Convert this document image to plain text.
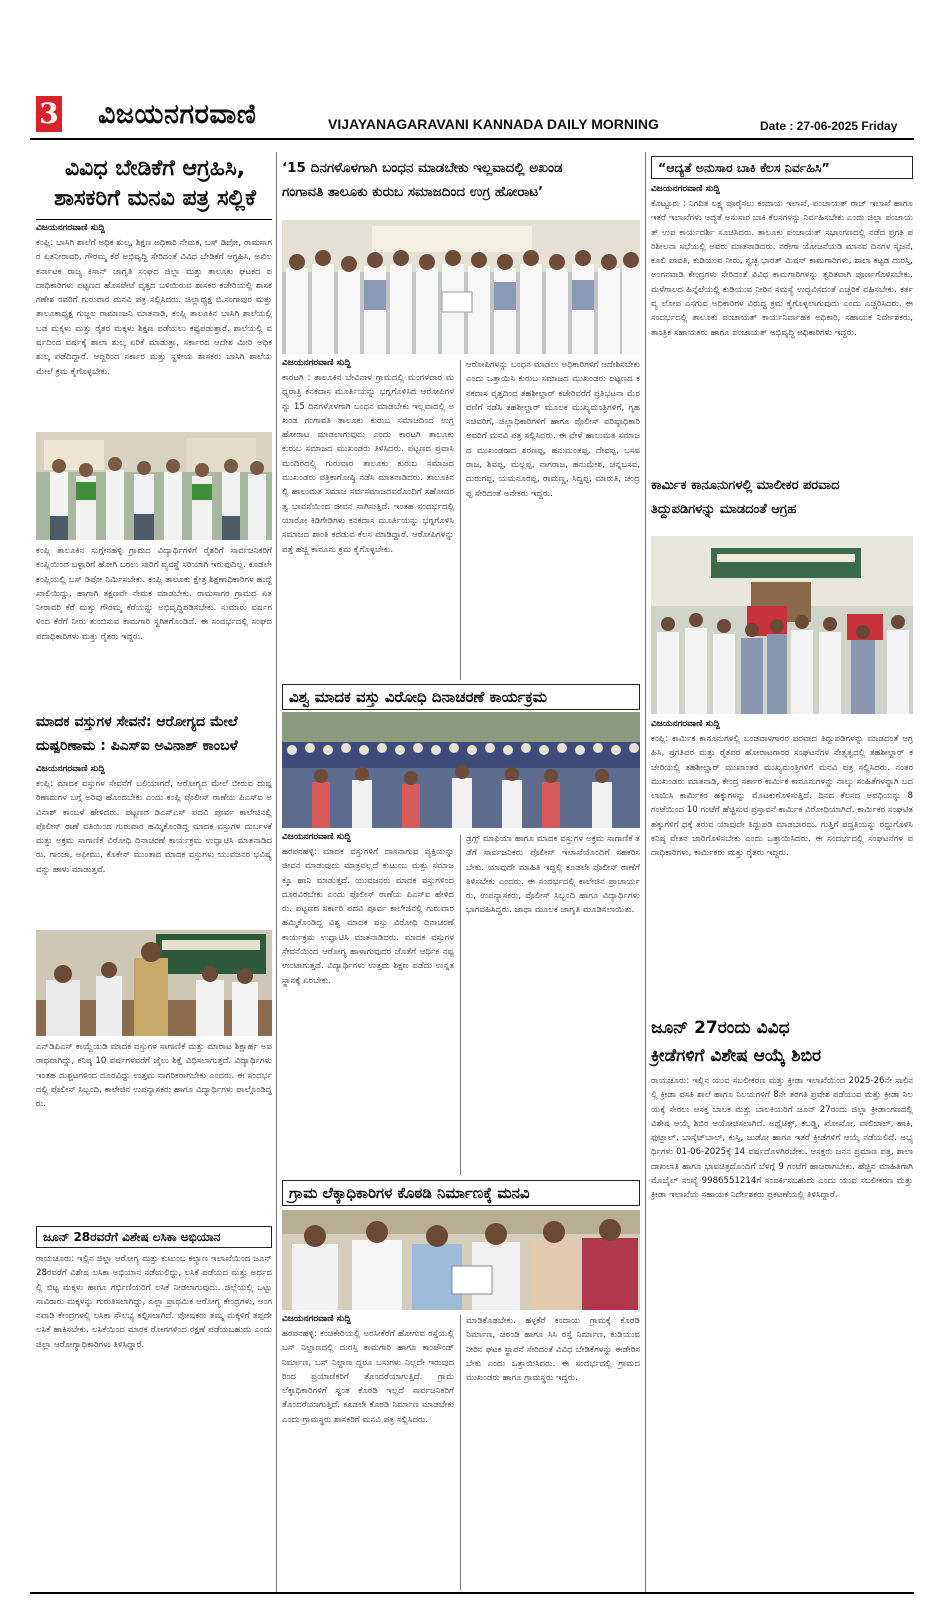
3 ವಿಜಯನಗರವಾಣಿ	VIJAYANAGARAVANI KANNADA DAILY MORNING	Date : 27-06-2025 Friday
ವಿವಿಧ ಬೇಡಿಕೆಗೆ ಆಗ್ರಹಿಸಿ,
ಶಾಸಕರಿಗೆ ಮನವಿ ಪತ್ರ ಸಲ್ಲಿಕೆ
ವಿಜಯನಗರವಾಣಿ ಸುದ್ದಿ
ಕಂಪ್ಲಿ: ಬಾಸಿಗಿ ಶಾಲೆಗೆ ಅಧಿಕ ಶುಲ್ಕ, ಶಿಕ್ಷಣ ಅಧಿಕಾರಿ ನೇಮಕ, ಬಸ್ ಡಿಪೋ, ರಾಮಸಾಗರ ಏತನೀರಾವರಿ, ಗೌರಮ್ಮ ಕೆರೆ ಅಭಿವೃದ್ಧಿ ಸೇರಿದಂತೆ ವಿವಿಧ ಬೇಡಿಕೆಗೆ ಆಗ್ರಹಿಸಿ, ಅಖಿಲ ಕರ್ನಾಟಕ ರಾಜ್ಯ ಕಿಸಾನ್ ಜಾಗೃತಿ ಸಂಘದ ಜಿಲ್ಲಾ ಮತ್ತು ತಾಲೂಕು ಘಟಕದ ಪದಾಧಿಕಾರಿಗಳು ಪಟ್ಟಣದ ಹೊಸಪೇಟೆ ವೃತ್ತದ ಬಳಿಯಿರುವ ಶಾಸಕರ ಕಚೇರಿಯಲ್ಲಿ ಶಾಸಕ ಗಣೇಶ ರವರಿಗೆ ಗುರುವಾರ ಮನವಿ ಪತ್ರ ಸಲ್ಲಿಸಿದರು. ಜಿಲ್ಲಾಧ್ಯಕ್ಷ ಬಿ.ಸಂಗಾಪುರ ಮತ್ತು ತಾಲೂಕಾಧ್ಯಕ್ಷ ಗುಜ್ಜಲ ರಾಮಾಂಜನಿ ಮಾತನಾಡಿ, ಕಂಪ್ಲಿ ತಾಲೂಕಿನ ಬಾಸಿಗಿ ಶಾಲೆಯಲ್ಲಿ ಬಡ ಮಕ್ಕಳು ಮತ್ತು ರೈತರ ಮಕ್ಕಳು ಶಿಕ್ಷಣ ಪಡೆಯಲು ಕಷ್ಟಪಡುತ್ತಾರೆ. ಶಾಲೆಯಲ್ಲಿ ವರ್ಷದಿಂದ ವರ್ಷಕ್ಕೆ ಶಾಲಾ ಶುಲ್ಕ ಏರಿಕೆ ಮಾಡುತ್ತಾ, ಸರ್ಕಾರದ ಆದೇಶ ಮೀರಿ ಅಧಿಕ ಶುಲ್ಕ ಪಡೆದಿದ್ದಾರೆ. ಆದ್ದರಿಂದ ಸರ್ಕಾರ ಮತ್ತು ಸ್ಥಳೀಯ ಶಾಸಕರು ಬಾಸಿಗಿ ಶಾಲೆಯ ಮೇಲೆ ಕ್ರಮ ಕೈಗೊಳ್ಳಬೇಕು.
ಕಂಪ್ಲಿ ತಾಲೂಕಿನ ಸುಗ್ಗೇನಹಳ್ಳಿ ಗ್ರಾಮದ ವಿದ್ಯಾರ್ಥಿಗಳಿಗೆ ರೈತರಿಗೆ ಸಾರ್ವಜನಿಕರಿಗೆ ಕಂಪ್ಲಿಯಿಂದ ಬಳ್ಳಾರಿಗೆ ಹೋಗಿ ಬರಲು ಸಾರಿಗೆ ವ್ಯವಸ್ಥೆ ಸರಿಯಾಗಿ ಇರುವುದಿಲ್ಲ. ಕೂಡಲೇ ಕಂಪ್ಲಿಯಲ್ಲಿ ಬಸ್ ಡಿಪೋ ನಿರ್ಮಿಸಬೇಕು. ಕಂಪ್ಲಿ ತಾಲೂಕು ಕ್ಷೇತ್ರ ಶಿಕ್ಷಣಾಧಿಕಾರಿಗಳ ಹುದ್ದೆ ಖಾಲಿಯಿದ್ದು, ಹಾಗಾಗಿ ತಕ್ಷಣವೇ ನೇಮಕ ಮಾಡಬೇಕು. ರಾಮಸಾಗರ ಗ್ರಾಮದ ಏತನೀರಾವರಿ ಕೆರೆ ಮತ್ತು ಗೌರಮ್ಮ ಕೆರೆಯನ್ನು ಅಭಿವೃದ್ಧಿಪಡಿಸಬೇಕು. ಸುಮಾರು ವರ್ಷಗಳಿಂದ ಕೆರೆಗೆ ನೀರು ತುಂಬಿಸುವ ಕಾಮಗಾರಿ ಸ್ಥಗಿತಗೊಂಡಿದೆ. ಈ ಸಂದರ್ಭದಲ್ಲಿ ಸಂಘದ ಪದಾಧಿಕಾರಿಗಳು ಮತ್ತು ರೈತರು ಇದ್ದರು.
ಮಾದಕ ವಸ್ತುಗಳ ಸೇವನೆ: ಆರೋಗ್ಯದ ಮೇಲೆ
ದುಷ್ಪರಿಣಾಮ : ಪಿಎಸ್‌ಐ ಅವಿನಾಶ್ ಕಾಂಬಳೆ
ವಿಜಯನಗರವಾಣಿ ಸುದ್ದಿ
ಕಂಪ್ಲಿ: ಮಾದಕ ವಸ್ತುಗಳ ಸೇವನೆಗೆ ಬಲಿಯಾಗದೆ, ಆರೋಗ್ಯದ ಮೇಲೆ ಬೀರುವ ದುಷ್ಪರಿಣಾಮಗಳ ಬಗ್ಗೆ ಅರಿವು ಹೊಂದಬೇಕು ಎಂದು ಕಂಪ್ಲಿ ಪೊಲೀಸ್ ಠಾಣೆಯ ಪಿಎಸ್‌ಐ ಅವಿನಾಶ್ ಕಾಂಬಳೆ ಹೇಳಿದರು. ಪಟ್ಟಣದ ಡಿಎಸ್‌ಎಸ್ ಪದವಿ ಪೂರ್ವ ಕಾಲೇಜಿನಲ್ಲಿ ಪೊಲೀಸ್ ಠಾಣೆ ವತಿಯಿಂದ ಗುರುವಾರ ಹಮ್ಮಿಕೊಂಡಿದ್ದ ಮಾದಕ ವಸ್ತುಗಳ ದುರ್ಬಳಕೆ ಮತ್ತು ಅಕ್ರಮ ಸಾಗಾಣಿಕೆ ವಿರೋಧಿ ದಿನಾಚರಣೆ ಕಾರ್ಯಕ್ರಮ ಉದ್ಘಾಟಿಸಿ ಮಾತನಾಡಿದರು. ಗಾಂಜಾ, ಅಫೀಮು, ಕೊಕೇನ್ ಮುಂತಾದ ಮಾದಕ ವಸ್ತುಗಳು ಯುವಜನರ ಭವಿಷ್ಯವನ್ನು ಹಾಳು ಮಾಡುತ್ತವೆ.
ಎನ್‌ಡಿಪಿಎಸ್ ಕಾಯ್ದೆಯಡಿ ಮಾದಕ ವಸ್ತುಗಳ ಸಾಗಾಣಿಕೆ ಮತ್ತು ಮಾರಾಟ ಶಿಕ್ಷಾರ್ಹ ಅಪರಾಧವಾಗಿದ್ದು, ಕನಿಷ್ಠ 10 ವರ್ಷಗಳವರೆಗೆ ಜೈಲು ಶಿಕ್ಷೆ ವಿಧಿಸಲಾಗುತ್ತದೆ. ವಿದ್ಯಾರ್ಥಿಗಳು ಇಂತಹ ದುಶ್ಚಟಗಳಿಂದ ದೂರವಿದ್ದು ಉತ್ತಮ ನಾಗರಿಕರಾಗಬೇಕು ಎಂದರು. ಈ ಸಂದರ್ಭದಲ್ಲಿ ಪೊಲೀಸ್ ಸಿಬ್ಬಂದಿ, ಕಾಲೇಜಿನ ಉಪನ್ಯಾಸಕರು ಹಾಗೂ ವಿದ್ಯಾರ್ಥಿಗಳು ಪಾಲ್ಗೊಂಡಿದ್ದರು.
ಜೂನ್ 28ರವರೆಗೆ ವಿಶೇಷ ಲಸಿಕಾ ಅಭಿಯಾನ
ರಾಯಚೂರು: ಇಲ್ಲಿನ ಜಿಲ್ಲಾ ಆರೋಗ್ಯ ಮತ್ತು ಕುಟುಂಬ ಕಲ್ಯಾಣ ಇಲಾಖೆಯಿಂದ ಜೂನ್ 28ರವರೆಗೆ ವಿಶೇಷ ಲಸಿಕಾ ಅಭಿಯಾನ ನಡೆಯಲಿದ್ದು, ಲಸಿಕೆ ಪಡೆಯದ ಮತ್ತು ಅರ್ಧದಲ್ಲಿ ಬಿಟ್ಟ ಮಕ್ಕಳು ಹಾಗೂ ಗರ್ಭಿಣಿಯರಿಗೆ ಲಸಿಕೆ ನೀಡಲಾಗುವುದು. ಜಿಲ್ಲೆಯಲ್ಲಿ ಒಟ್ಟು ಸಾವಿರಾರು ಮಕ್ಕಳನ್ನು ಗುರುತಿಸಲಾಗಿದ್ದು, ಎಲ್ಲಾ ಪ್ರಾಥಮಿಕ ಆರೋಗ್ಯ ಕೇಂದ್ರಗಳು, ಅಂಗನವಾಡಿ ಕೇಂದ್ರಗಳಲ್ಲಿ ಲಸಿಕಾ ಸೌಲಭ್ಯ ಕಲ್ಪಿಸಲಾಗಿದೆ. ಪೋಷಕರು ತಮ್ಮ ಮಕ್ಕಳಿಗೆ ತಪ್ಪದೇ ಲಸಿಕೆ ಹಾಕಿಸಬೇಕು. ಲಸಿಕೆಯಿಂದ ಮಾರಕ ರೋಗಗಳಿಂದ ರಕ್ಷಣೆ ಪಡೆಯಬಹುದು ಎಂದು ಜಿಲ್ಲಾ ಆರೋಗ್ಯಾಧಿಕಾರಿಗಳು ತಿಳಿಸಿದ್ದಾರೆ.
‘15 ದಿನಗಳೊಳಗಾಗಿ ಬಂಧನ ಮಾಡಬೇಕು ಇಲ್ಲವಾದಲ್ಲಿ ಅಖಂಡ
ಗಂಗಾವತಿ ತಾಲೂಕು ಕುರುಬ ಸಮಾಜದಿಂದ ಉಗ್ರ ಹೋರಾಟ’
ವಿಜಯನಗರವಾಣಿ ಸುದ್ದಿ
ಕಾರಟಗಿ : ತಾಲೂಕಿನ ಬೇವಿನಾಳ ಗ್ರಾಮದಲ್ಲಿ ಮಂಗಳವಾರ ಮಧ್ಯರಾತ್ರಿ ಕನಕದಾಸ ಮೂರ್ತಿಯನ್ನು ಭಗ್ನಗೊಳಿಸಿದ ಆರೋಪಿಗಳನ್ನು 15 ದಿನಗಳೊಳಗಾಗಿ ಬಂಧನ ಮಾಡಬೇಕು ಇಲ್ಲವಾದಲ್ಲಿ ಅಖಂಡ ಗಂಗಾವತಿ ತಾಲೂಕು ಕುರುಬ ಸಮಾಜದಿಂದ ಉಗ್ರ ಹೋರಾಟ ಮಾಡಲಾಗುವುದು ಎಂದು ಕಾರಟಗಿ ತಾಲೂಕು ಕುರುಬ ಸಮಾಜದ ಮುಖಂಡರು ತಿಳಿಸಿದರು. ಪಟ್ಟಣದ ಪ್ರವಾಸಿ ಮಂದಿರದಲ್ಲಿ ಗುರುವಾರ ತಾಲೂಕು ಕುರುಬ ಸಮಾಜದ ಮುಖಂಡರು ಪತ್ರಿಕಾಗೋಷ್ಠಿ ನಡೆಸಿ ಮಾತನಾಡಿದರು. ತಾಲೂಕಿನಲ್ಲಿ ಹಾಲುಮತ ಸಮಾಜ ಸರ್ವಸಮಾಜದವರೊಂದಿಗೆ ಸಹೋದರತ್ವ ಭಾವನೆಯಿಂದ ಜೀವನ ಸಾಗಿಸುತ್ತಿದೆ. ಇಂತಹ ಸಂದರ್ಭದಲ್ಲಿ ಯಾರೋ ಕಿಡಿಗೇಡಿಗಳು ಕನಕದಾಸ ಮೂರ್ತಿಯನ್ನು ಭಗ್ನಗೊಳಿಸಿ ಸಮಾಜದ ಶಾಂತಿ ಕದಡುವ ಕೆಲಸ ಮಾಡಿದ್ದಾರೆ. ಆರೋಪಿಗಳನ್ನು ಪತ್ತೆ ಹಚ್ಚಿ ಕಾನೂನು ಕ್ರಮ ಕೈಗೊಳ್ಳಬೇಕು.
ಆರೋಪಿಗಳನ್ನು ಬಂಧನ ಮಾಡಲು ಅಧಿಕಾರಿಗಳಿಗೆ ಆದೇಶಿಸಬೇಕು ಎಂದು ಒತ್ತಾಯಿಸಿ ಕುರುಬ ಸಮಾಜದ ಮುಖಂಡರು ಪಟ್ಟಣದ ಕನಕದಾಸ ವೃತ್ತದಿಂದ ತಹಶೀಲ್ದಾರ್ ಕಚೇರಿವರೆಗೆ ಪ್ರತಿಭಟನಾ ಮೆರವಣಿಗೆ ನಡೆಸಿ ತಹಶೀಲ್ದಾರ್ ಮೂಲಕ ಮುಖ್ಯಮಂತ್ರಿಗಳಿಗೆ, ಗೃಹ ಸಚಿವರಿಗೆ, ಜಿಲ್ಲಾಧಿಕಾರಿಗಳಿಗೆ ಹಾಗೂ ಪೊಲೀಸ್ ವರಿಷ್ಠಾಧಿಕಾರಿ ಅವರಿಗೆ ಮನವಿ ಪತ್ರ ಸಲ್ಲಿಸಿದರು. ಈ ವೇಳೆ ಹಾಲುಮತ ಸಮಾಜದ ಮುಖಂಡರಾದ ಶರಣಪ್ಪ, ಹನುಮಂತಪ್ಪ, ದೇವಪ್ಪ, ಬಸವರಾಜ, ಶಿವಪ್ಪ, ಮಲ್ಲಪ್ಪ, ನಾಗರಾಜ, ಹನುಮೇಶ, ಚನ್ನಬಸವ, ದುರುಗಪ್ಪ, ಯಮನೂರಪ್ಪ, ರಾಮಣ್ಣ, ಸಿದ್ದಪ್ಪ, ಮಾರುತಿ, ಚಂದ್ರಪ್ಪ ಸೇರಿದಂತೆ ಅನೇಕರು ಇದ್ದರು.
ವಿಶ್ವ ಮಾದಕ ವಸ್ತು ವಿರೋಧಿ ದಿನಾಚರಣೆ ಕಾರ್ಯಕ್ರಮ
ವಿಜಯನಗರವಾಣಿ ಸುದ್ದಿ
ಹರಪನಹಳ್ಳಿ: ಮಾದಕ ವಸ್ತುಗಳಿಗೆ ದಾಸನಾಗುವ ವ್ಯಕ್ತಿಯನ್ನು ಜೀವನ ಮಾಡುವುದು ಮಾತ್ರವಲ್ಲದೆ ಕುಟುಂಬ ಮತ್ತು ಸಮಾಜಕ್ಕೂ ಹಾನಿ ಮಾಡುತ್ತದೆ. ಯುವಜನರು ಮಾದಕ ವಸ್ತುಗಳಿಂದ ದೂರವಿರಬೇಕು ಎಂದು ಪೊಲೀಸ್ ಠಾಣೆಯ ಪಿಎಸ್‌ಐ ಹೇಳಿದರು. ಪಟ್ಟಣದ ಸರ್ಕಾರಿ ಪದವಿ ಪೂರ್ವ ಕಾಲೇಜಿನಲ್ಲಿ ಗುರುವಾರ ಹಮ್ಮಿಕೊಂಡಿದ್ದ ವಿಶ್ವ ಮಾದಕ ವಸ್ತು ವಿರೋಧಿ ದಿನಾಚರಣೆ ಕಾರ್ಯಕ್ರಮ ಉದ್ಘಾಟಿಸಿ ಮಾತನಾಡಿದರು. ಮಾದಕ ವಸ್ತುಗಳ ಸೇವನೆಯಿಂದ ಆರೋಗ್ಯ ಹಾಳಾಗುವುದರ ಜೊತೆಗೆ ಆರ್ಥಿಕ ನಷ್ಟ ಉಂಟಾಗುತ್ತದೆ. ವಿದ್ಯಾರ್ಥಿಗಳು ಉತ್ತಮ ಶಿಕ್ಷಣ ಪಡೆದು ಉನ್ನತ ಸ್ಥಾನಕ್ಕೆ ಏರಬೇಕು.
ಡ್ರಗ್ಸ್ ಮಾಫಿಯಾ ಹಾಗೂ ಮಾದಕ ವಸ್ತುಗಳ ಅಕ್ರಮ ಸಾಗಾಣಿಕೆ ತಡೆಗೆ ಸಾರ್ವಜನಿಕರು ಪೊಲೀಸ್ ಇಲಾಖೆಯೊಂದಿಗೆ ಸಹಕರಿಸಬೇಕು. ಯಾವುದೇ ಮಾಹಿತಿ ಇದ್ದಲ್ಲಿ ಕೂಡಲೇ ಪೊಲೀಸ್ ಠಾಣೆಗೆ ತಿಳಿಸಬೇಕು ಎಂದರು. ಈ ಸಂದರ್ಭದಲ್ಲಿ ಕಾಲೇಜಿನ ಪ್ರಾಚಾರ್ಯರು, ಉಪನ್ಯಾಸಕರು, ಪೊಲೀಸ್ ಸಿಬ್ಬಂದಿ ಹಾಗೂ ವಿದ್ಯಾರ್ಥಿಗಳು ಭಾಗವಹಿಸಿದ್ದರು. ಜಾಥಾ ಮೂಲಕ ಜಾಗೃತಿ ಮೂಡಿಸಲಾಯಿತು.
ಗ್ರಾಮ ಲೆಕ್ಕಾಧಿಕಾರಿಗಳ ಕೊಠಡಿ ನಿರ್ಮಾಣಕ್ಕೆ ಮನವಿ
ವಿಜಯನಗರವಾಣಿ ಸುದ್ದಿ
ಹರಪನಹಳ್ಳಿ: ಕಂಚಿಕೇರಿಯಲ್ಲಿ ಅರಸೀಕೆರೆಗೆ ಹೋಗುವ ರಸ್ತೆಯಲ್ಲಿ ಬಸ್ ನಿಲ್ದಾಣದಲ್ಲಿ ದುರಸ್ತಿ ಕಾಮಗಾರಿ ಹಾಗೂ ಕಾಂಪೌಂಡ್ ನಿರ್ಮಾಣ, ಬಸ್ ನಿಲ್ದಾಣ ದ್ದರೂ ಬಸುಗಳು ನಿಲ್ಲದೇ ಇರುವುದರಿಂದ ಪ್ರಯಾಣಿಕರಿಗೆ ತೊಂದರೆಯಾಗುತ್ತಿದೆ. ಗ್ರಾಮ ಲೆಕ್ಕಾಧಿಕಾರಿಗಳಿಗೆ ಸ್ವಂತ ಕೊಠಡಿ ಇಲ್ಲದೆ ಸಾರ್ವಜನಿಕರಿಗೆ ತೊಂದರೆಯಾಗುತ್ತಿದೆ. ಕೂಡಲೇ ಕೊಠಡಿ ನಿರ್ಮಾಣ ಮಾಡಬೇಕು ಎಂದು ಗ್ರಾಮಸ್ಥರು ಶಾಸಕರಿಗೆ ಮನವಿ ಪತ್ರ ಸಲ್ಲಿಸಿದರು.
ಮಾಡಿಕೊಡಬೇಕು. ಹಳ್ಳಕೆರೆ ಕಂದಾಯ ಗ್ರಾಮಕ್ಕೆ ಕೊಠಡಿ ನಿರ್ಮಾಣ, ಚರಂಡಿ ಹಾಗೂ ಸಿಸಿ ರಸ್ತೆ ನಿರ್ಮಾಣ, ಕುಡಿಯುವ ನೀರಿನ ಘಟಕ ಸ್ಥಾಪನೆ ಸೇರಿದಂತೆ ವಿವಿಧ ಬೇಡಿಕೆಗಳನ್ನು ಈಡೇರಿಸಬೇಕು ಎಂದು ಒತ್ತಾಯಿಸಿದರು. ಈ ಸಂದರ್ಭದಲ್ಲಿ ಗ್ರಾಮದ ಮುಖಂಡರು ಹಾಗೂ ಗ್ರಾಮಸ್ಥರು ಇದ್ದರು.
“ಆದ್ಯತೆ ಅನುಸಾರ ಬಾಕಿ ಕೆಲಸ ನಿರ್ವಹಿಸಿ”
ವಿಜಯನಗರವಾಣಿ ಸುದ್ದಿ
ಕೊಟ್ಟೂರು : ನಿಗದಿತ ಲಕ್ಷ್ಯ ಪೂರೈಸಲು ಕಂದಾಯ ಇಲಾಖೆ, ಪಂಚಾಯತ್ ರಾಜ್ ಇಲಾಖೆ ಹಾಗೂ ಇತರೆ ಇಲಾಖೆಗಳು ಆದ್ಯತೆ ಅನುಸಾರ ಬಾಕಿ ಕೆಲಸಗಳನ್ನು ನಿರ್ವಹಿಸಬೇಕು ಎಂದು ಜಿಲ್ಲಾ ಪಂಚಾಯತ್ ಉಪ ಕಾರ್ಯದರ್ಶಿ ಸೂಚಿಸಿದರು. ತಾಲೂಕು ಪಂಚಾಯತ್ ಸಭಾಂಗಣದಲ್ಲಿ ನಡೆದ ಪ್ರಗತಿ ಪರಿಶೀಲನಾ ಸಭೆಯಲ್ಲಿ ಅವರು ಮಾತನಾಡಿದರು. ನರೇಗಾ ಯೋಜನೆಯಡಿ ಮಾನವ ದಿನಗಳ ಸೃಜನೆ, ಕೂಲಿ ಪಾವತಿ, ಕುಡಿಯುವ ನೀರು, ಸ್ವಚ್ಛ ಭಾರತ್ ಮಿಷನ್ ಕಾಮಗಾರಿಗಳು, ಶಾಲಾ ಕಟ್ಟಡ ದುರಸ್ತಿ, ಅಂಗನವಾಡಿ ಕೇಂದ್ರಗಳು ಸೇರಿದಂತೆ ವಿವಿಧ ಕಾಮಗಾರಿಗಳನ್ನು ತ್ವರಿತವಾಗಿ ಪೂರ್ಣಗೊಳಿಸಬೇಕು. ಮಳೆಗಾಲದ ಹಿನ್ನೆಲೆಯಲ್ಲಿ ಕುಡಿಯುವ ನೀರಿನ ಸಮಸ್ಯೆ ಉದ್ಭವಿಸದಂತೆ ಎಚ್ಚರಿಕೆ ವಹಿಸಬೇಕು. ಕರ್ತವ್ಯ ಲೋಪ ಎಸಗುವ ಅಧಿಕಾರಿಗಳ ವಿರುದ್ಧ ಕ್ರಮ ಕೈಗೊಳ್ಳಲಾಗುವುದು ಎಂದು ಎಚ್ಚರಿಸಿದರು. ಈ ಸಂದರ್ಭದಲ್ಲಿ ತಾಲೂಕು ಪಂಚಾಯತ್ ಕಾರ್ಯನಿರ್ವಾಹಕ ಅಧಿಕಾರಿ, ಸಹಾಯಕ ನಿರ್ದೇಶಕರು, ತಾಂತ್ರಿಕ ಸಹಾಯಕರು ಹಾಗೂ ಪಂಚಾಯತ್ ಅಭಿವೃದ್ಧಿ ಅಧಿಕಾರಿಗಳು ಇದ್ದರು.
ಕಾರ್ಮಿಕ ಕಾನೂನುಗಳಲ್ಲಿ ಮಾಲೀಕರ ಪರವಾದ
ತಿದ್ದುಪಡಿಗಳನ್ನು ಮಾಡದಂತೆ ಆಗ್ರಹ
ವಿಜಯನಗರವಾಣಿ ಸುದ್ದಿ
ಕಂಪ್ಲಿ: ಕಾರ್ಮಿಕ ಕಾನೂನುಗಳಲ್ಲಿ ಬಂಡವಾಳಗಾರರ ಪರವಾದ ತಿದ್ದುಪಡಿಗಳನ್ನು ಮಾಡದಂತೆ ಆಗ್ರಹಿಸಿ, ಪ್ರಗತಿಪರ ಮತ್ತು ರೈತಪರ ಹೋರಾಟಗಾರರ ಸಂಘಟನೆಗಳ ನೇತೃತ್ವದಲ್ಲಿ ತಹಶೀಲ್ದಾರ್ ಕಚೇರಿಯಲ್ಲಿ ತಹಶೀಲ್ದಾರ್ ಮುಖಾಂತರ ಮುಖ್ಯಮಂತ್ರಿಗಳಿಗೆ ಮನವಿ ಪತ್ರ ಸಲ್ಲಿಸಿದರು. ನಂತರ ಮುಖಂಡರು ಮಾತನಾಡಿ, ಕೇಂದ್ರ ಸರ್ಕಾರ ಕಾರ್ಮಿಕ ಕಾನೂನುಗಳನ್ನು ನಾಲ್ಕು ಸಂಹಿತೆಗಳನ್ನಾಗಿ ಬದಲಾಯಿಸಿ ಕಾರ್ಮಿಕರ ಹಕ್ಕುಗಳನ್ನು ಮೊಟಕುಗೊಳಿಸುತ್ತಿದೆ. ದಿನದ ಕೆಲಸದ ಅವಧಿಯನ್ನು 8 ಗಂಟೆಯಿಂದ 10 ಗಂಟೆಗೆ ಹೆಚ್ಚಿಸುವ ಪ್ರಸ್ತಾವನೆ ಕಾರ್ಮಿಕ ವಿರೋಧಿಯಾಗಿದೆ. ಕಾರ್ಮಿಕರ ಸಂಘಟಿತ ಹಕ್ಕುಗಳಿಗೆ ಧಕ್ಕೆ ತರುವ ಯಾವುದೇ ತಿದ್ದುಪಡಿ ಮಾಡಬಾರದು. ಗುತ್ತಿಗೆ ಪದ್ಧತಿಯನ್ನು ರದ್ದುಗೊಳಿಸಿ ಕನಿಷ್ಠ ವೇತನ ಜಾರಿಗೊಳಿಸಬೇಕು ಎಂದು ಒತ್ತಾಯಿಸಿದರು. ಈ ಸಂದರ್ಭದಲ್ಲಿ ಸಂಘಟನೆಗಳ ಪದಾಧಿಕಾರಿಗಳು, ಕಾರ್ಮಿಕರು ಮತ್ತು ರೈತರು ಇದ್ದರು.
ಜೂನ್ 27ರಂದು ವಿವಿಧ
ಕ್ರೀಡೆಗಳಿಗೆ ವಿಶೇಷ ಆಯ್ಕೆ ಶಿಬಿರ
ರಾಯಚೂರು: ಇಲ್ಲಿನ ಯುವ ಸಬಲೀಕರಣ ಮತ್ತು ಕ್ರೀಡಾ ಇಲಾಖೆಯಿಂದ 2025-26ನೇ ಸಾಲಿನಲ್ಲಿ ಕ್ರೀಡಾ ವಸತಿ ಶಾಲೆ ಹಾಗೂ ನಿಲಯಗಳಿಗೆ 8ನೇ ತರಗತಿ ಪ್ರವೇಶ ಪಡೆಯುವ ಮತ್ತು ಕ್ರೀಡಾ ನಿಲಯಕ್ಕೆ ಸೇರಲು ಆಸಕ್ತ ಬಾಲಕ ಮತ್ತು ಬಾಲಕಿಯರಿಗೆ ಜೂನ್ 27ರಂದು ಜಿಲ್ಲಾ ಕ್ರೀಡಾಂಗಣದಲ್ಲಿ ವಿಶೇಷ ಆಯ್ಕೆ ಶಿಬಿರ ಆಯೋಜಿಸಲಾಗಿದೆ. ಅಥ್ಲೆಟಿಕ್ಸ್, ಕಬಡ್ಡಿ, ಖೋಖೋ, ವಾಲಿಬಾಲ್, ಹಾಕಿ, ಫುಟ್ಬಾಲ್, ಬಾಸ್ಕೆಟ್‌ಬಾಲ್, ಕುಸ್ತಿ, ಜುಡೋ ಹಾಗೂ ಇತರೆ ಕ್ರೀಡೆಗಳಿಗೆ ಆಯ್ಕೆ ನಡೆಯಲಿದೆ. ಅಭ್ಯರ್ಥಿಗಳು 01-06-2025ಕ್ಕೆ 14 ವರ್ಷದೊಳಗಿರಬೇಕು. ಆಸಕ್ತರು ಜನನ ಪ್ರಮಾಣ ಪತ್ರ, ಶಾಲಾ ದಾಖಲಾತಿ ಹಾಗೂ ಭಾವಚಿತ್ರದೊಂದಿಗೆ ಬೆಳಗ್ಗೆ 9 ಗಂಟೆಗೆ ಹಾಜರಾಗಬೇಕು. ಹೆಚ್ಚಿನ ಮಾಹಿತಿಗಾಗಿ ಮೊಬೈಲ್ ಸಂಖ್ಯೆ 9986551214ಗೆ ಸಂಪರ್ಕಿಸಬಹುದು ಎಂದು ಯುವ ಸಬಲೀಕರಣ ಮತ್ತು ಕ್ರೀಡಾ ಇಲಾಖೆಯ ಸಹಾಯಕ ನಿರ್ದೇಶಕರು ಪ್ರಕಟಣೆಯಲ್ಲಿ ತಿಳಿಸಿದ್ದಾರೆ.
